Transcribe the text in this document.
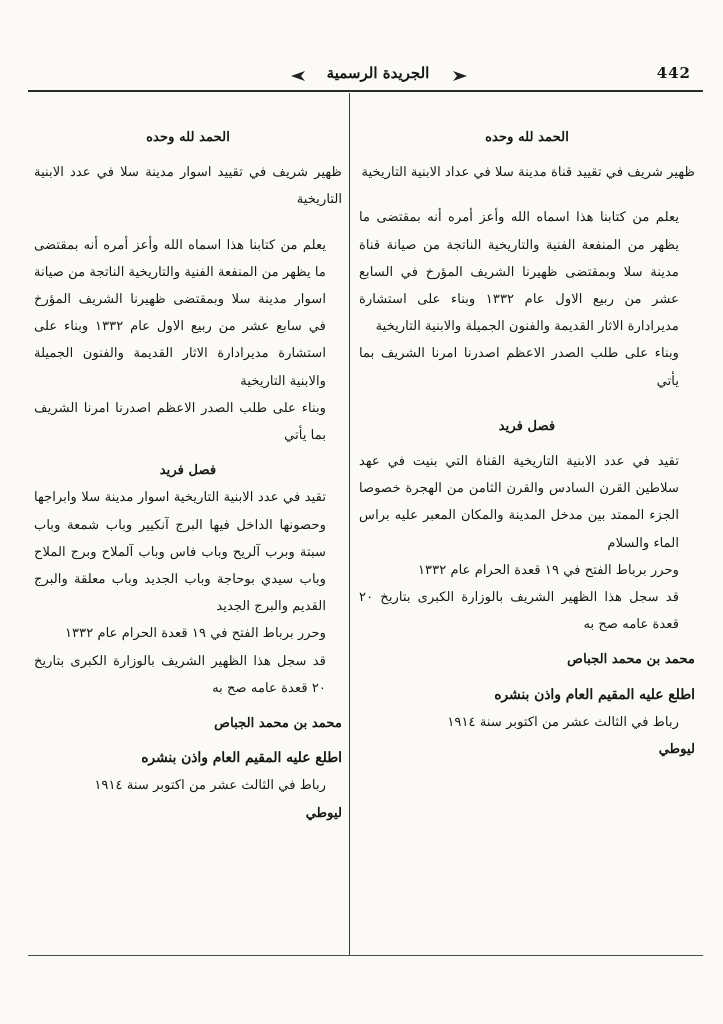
الجريدة الرسمية	442

الحمد لله وحده

ظهير شريف في تقييد قناة مدينة سلا في عداد الابنية التاريخية

يعلم من كتابنا هذا اسماه الله وأعز أمره أنه بمقتضى ما يظهر من المنفعة الفنية والتاريخية الناتجة من صيانة قناة مدينة سلا وبمقتضى ظهيرنا الشريف المؤرخ في السابع عشر من ربيع الاول عام ١٣٣٢ وبناء على استشارة مديرادارة الاثار القديمة والفنون الجميلة والابنية التاريخية

وبناء على طلب الصدر الاعظم اصدرنا امرنا الشريف بما يأتي

فصل فريد

تقيد في عدد الابنية التاريخية القناة التي بنيت في عهد سلاطين القرن السادس والقرن الثامن من الهجرة خصوصا الجزء الممتد بين مدخل المدينة والمكان المعبر عليه براس الماء والسلام

وحرر برباط الفتح في ١٩ قعدة الحرام عام ١٣٣٢

قد سجل هذا الظهير الشريف بالوزارة الكبرى بتاريخ ٢٠ قعدة عامه صح به

محمد بن محمد الجباص

اطلع عليه المقيم العام واذن بنشره

رباط في الثالث عشر من اكتوبر سنة ١٩١٤

ليوطي

الحمد لله وحده

ظهير شريف في تقييد اسوار مدينة سلا في عدد الابنية التاريخية

يعلم من كتابنا هذا اسماه الله وأعز أمره أنه بمقتضى ما يظهر من المنفعة الفنية والتاريخية الناتجة من صيانة اسوار مدينة سلا وبمقتضى ظهيرنا الشريف المؤرخ في سابع عشر من ربيع الاول عام ١٣٣٢ وبناء على استشارة مديرادارة الاثار القديمة والفنون الجميلة والابنية التاريخية

وبناء على طلب الصدر الاعظم اصدرنا امرنا الشريف بما يأتي

فصل فريد

تقيد في عدد الابنية التاريخية اسوار مدينة سلا وابراجها وحصونها الداخل فيها البرج آنكيير وباب شمعة وباب سبتة وبرب آلريح وباب فاس وباب آلملاح وبرج الملاح وباب سيدي بوحاجة وباب الجديد وباب معلقة والبرج القديم والبرج الجديد

وحرر برباط الفتح في ١٩ قعدة الحرام عام ١٣٣٢

قد سجل هذا الظهير الشريف بالوزارة الكبرى بتاريخ ٢٠ قعدة عامه صح به

محمد بن محمد الجباص

اطلع عليه المقيم العام واذن بنشره

رباط في الثالث عشر من اكتوبر سنة ١٩١٤

ليوطي
